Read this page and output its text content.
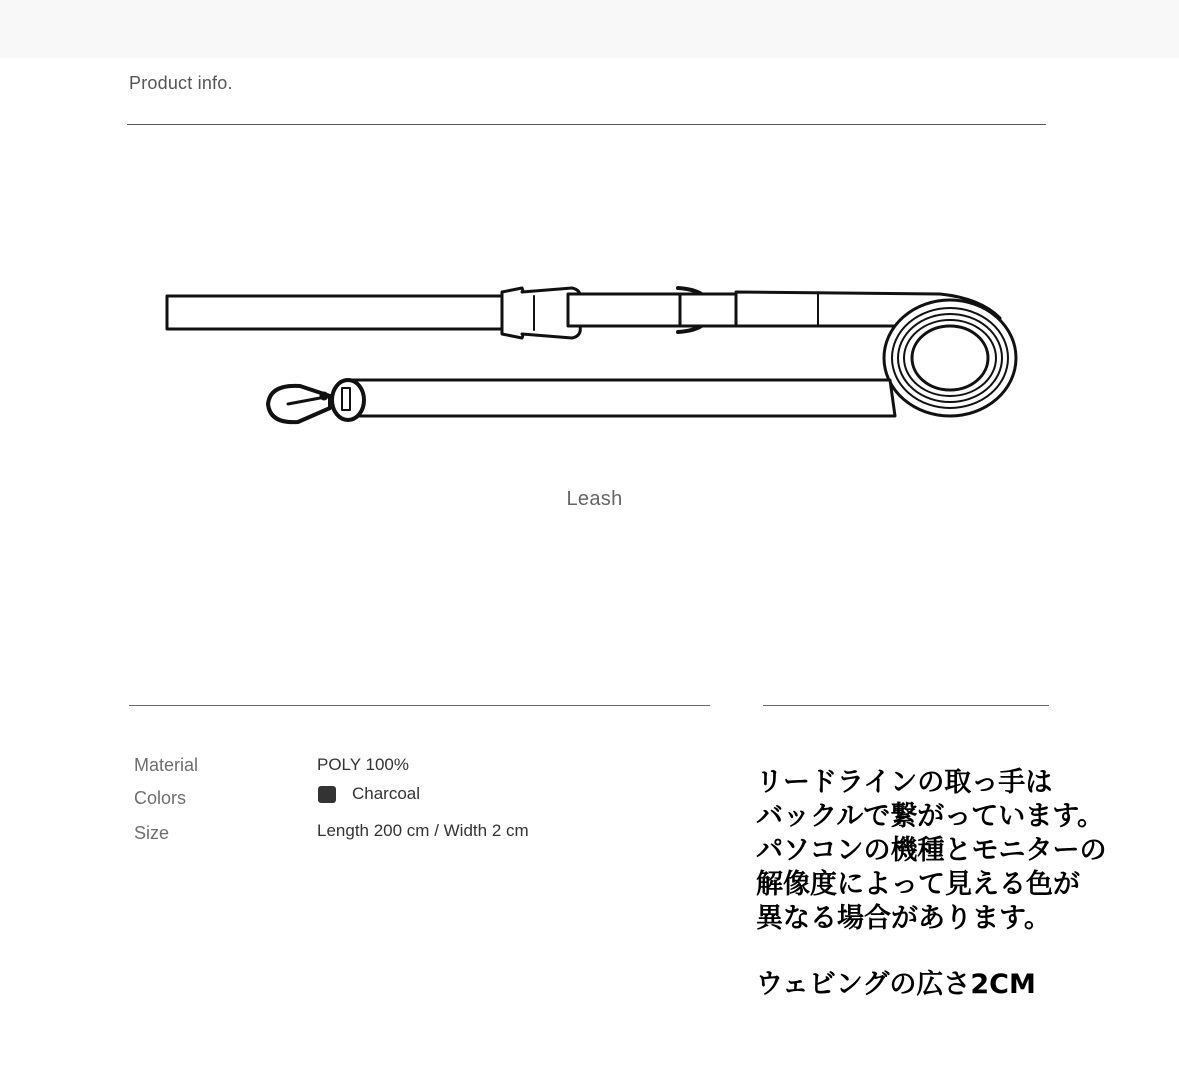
Product info.
Leash
Material	POLY 100%
Colors	Charcoal
Size	Length 200 cm / Width 2 cm
リードラインの取っ手は
バックルで繋がっています。
パソコンの機種とモニターの
解像度によって見える色が
異なる場合があります。
ウェビングの広さ2CM
